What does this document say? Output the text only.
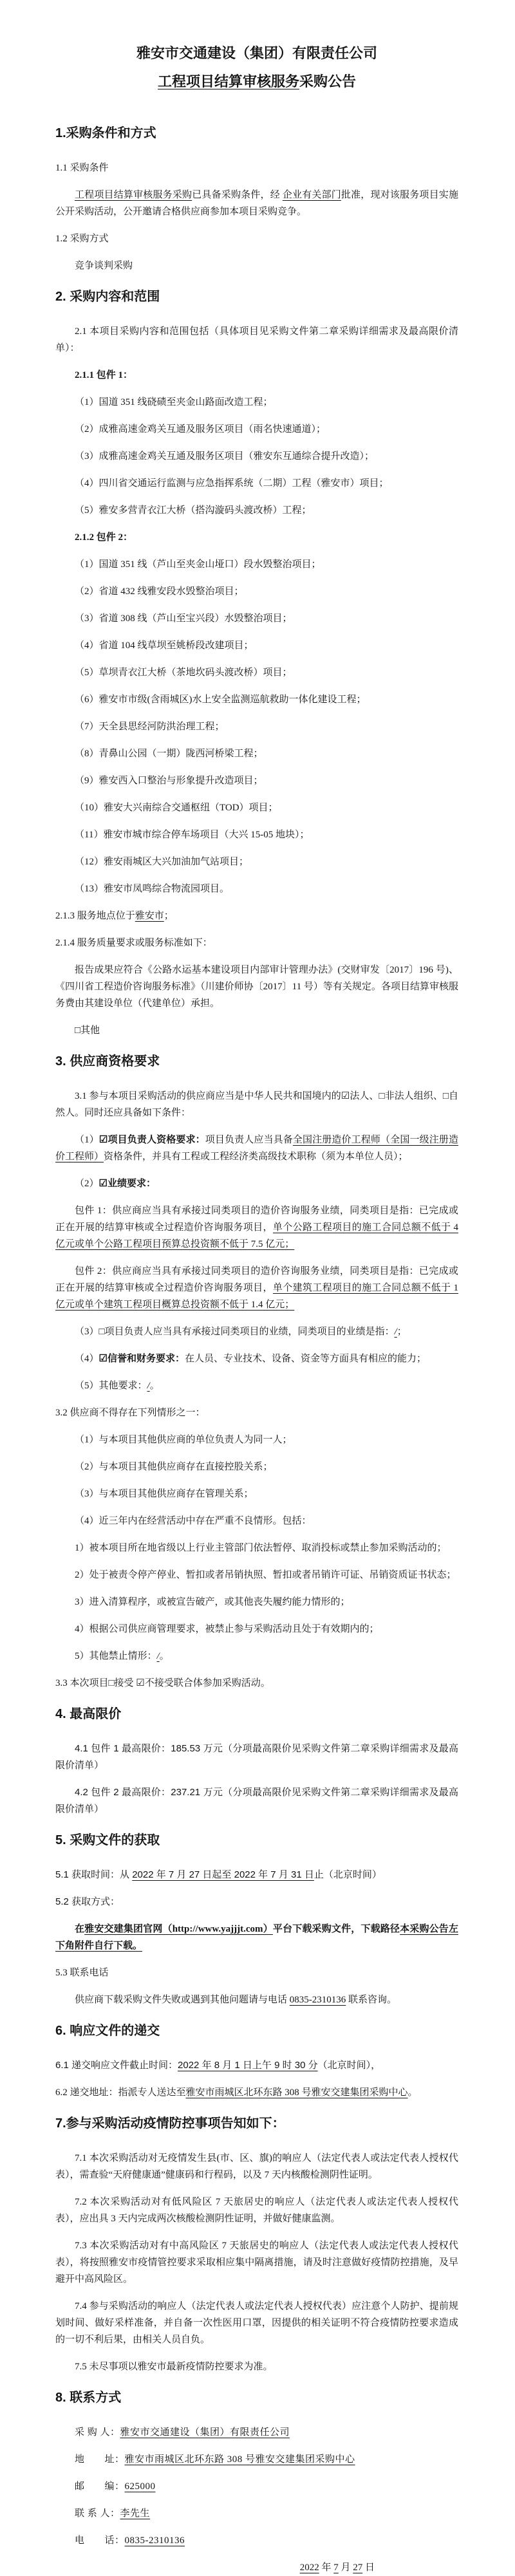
雅安市交通建设（集团）有限责任公司
工程项目结算审核服务采购公告
1.采购条件和方式
1.1 采购条件
工程项目结算审核服务采购已具备采购条件，经 企业有关部门批准，现对该服务项目实施公开采购活动，公开邀请合格供应商参加本项目采购竞争。
1.2 采购方式
竞争谈判采购
2. 采购内容和范围
2.1 本项目采购内容和范围包括（具体项目见采购文件第二章采购详细需求及最高限价清单）：
2.1.1 包件 1：
（1）国道 351 线硗碛至夹金山路面改造工程；
（2）成雅高速金鸡关互通及服务区项目（雨名快速通道）；
（3）成雅高速金鸡关互通及服务区项目（雅安东互通综合提升改造）；
（4）四川省交通运行监测与应急指挥系统（二期）工程（雅安市）项目；
（5）雅安多营青衣江大桥（搭沟漩码头渡改桥）工程；
2.1.2 包件 2：
（1）国道 351 线（芦山至夹金山垭口）段水毁整治项目；
（2）省道 432 线雅安段水毁整治项目；
（3）省道 308 线（芦山至宝兴段）水毁整治项目；
（4）省道 104 线草坝至姚桥段改建项目；
（5）草坝青衣江大桥（茶地坎码头渡改桥）项目；
（6）雅安市市级(含雨城区)水上安全监测巡航救助一体化建设工程；
（7）天全县思经河防洪治理工程；
（8）青鼻山公园（一期）陇西河桥梁工程；
（9）雅安西入口整治与形象提升改造项目；
（10）雅安大兴南综合交通枢纽（TOD）项目；
（11）雅安市城市综合停车场项目（大兴 15-05 地块）；
（12）雅安雨城区大兴加油加气站项目；
（13）雅安市凤鸣综合物流园项目。
2.1.3 服务地点位于雅安市；
2.1.4 服务质量要求或服务标准如下：
报告成果应符合《公路水运基本建设项目内部审计管理办法》(交财审发〔2017〕196 号)、《四川省工程造价咨询服务标准》（川建价师协〔2017〕11 号）等有关规定。各项目结算审核服务费由其建设单位（代建单位）承担。
□其他
3. 供应商资格要求
3.1 参与本项目采购活动的供应商应当是中华人民共和国境内的☑法人、□非法人组织、□自然人。同时还应具备如下条件：
（1）☑项目负责人资格要求：项目负责人应当具备全国注册造价工程师（全国一级注册造价工程师）资格条件，并具有工程或工程经济类高级技术职称（须为本单位人员）；
（2）☑业绩要求：
包件 1：供应商应当具有承接过同类项目的造价咨询服务业绩，同类项目是指：已完成或正在开展的结算审核或全过程造价咨询服务项目，单个公路工程项目的施工合同总额不低于 4 亿元或单个公路工程项目预算总投资额不低于 7.5 亿元；
包件 2：供应商应当具有承接过同类项目的造价咨询服务业绩，同类项目是指：已完成或正在开展的结算审核或全过程造价咨询服务项目，单个建筑工程项目的施工合同总额不低于 1 亿元或单个建筑工程项目概算总投资额不低于 1.4 亿元；
（3）□项目负责人应当具有承接过同类项目的业绩，同类项目的业绩是指：/；
（4）☑信誉和财务要求：在人员、专业技术、设备、资金等方面具有相应的能力；
（5）其他要求：/。
3.2 供应商不得存在下列情形之一：
（1）与本项目其他供应商的单位负责人为同一人；
（2）与本项目其他供应商存在直接控股关系；
（3）与本项目其他供应商存在管理关系；
（4）近三年内在经营活动中存在严重不良情形。包括：
1）被本项目所在地省级以上行业主管部门依法暂停、取消投标或禁止参加采购活动的；
2）处于被责令停产停业、暂扣或者吊销执照、暂扣或者吊销许可证、吊销资质证书状态；
3）进入清算程序，或被宣告破产，或其他丧失履约能力情形的；
4）根据公司供应商管理要求，被禁止参与采购活动且处于有效期内的；
5）其他禁止情形：/。
3.3 本次项目□接受 ☑不接受联合体参加采购活动。
4. 最高限价
4.1 包件 1 最高限价：185.53 万元（分项最高限价见采购文件第二章采购详细需求及最高限价清单）
4.2 包件 2 最高限价：237.21 万元（分项最高限价见采购文件第二章采购详细需求及最高限价清单）
5. 采购文件的获取
5.1 获取时间：从 2022 年 7 月 27 日起至 2022 年 7 月 31 日止（北京时间）
5.2 获取方式：
在雅安交建集团官网（http://www.yajjjt.com）平台下载采购文件，下载路径本采购公告左下角附件自行下载。
5.3 联系电话
供应商下载采购文件失败或遇到其他问题请与电话 0835-2310136 联系咨询。
6. 响应文件的递交
6.1 递交响应文件截止时间：2022 年 8 月 1 日上午 9 时 30 分（北京时间），
6.2 递交地址：指派专人送达至雅安市雨城区北环东路 308 号雅安交建集团采购中心。
7.参与采购活动疫情防控事项告知如下：
7.1 本次采购活动对无疫情发生县(市、区、旗)的响应人（法定代表人或法定代表人授权代表），需查验“天府健康通”健康码和行程码，以及 7 天内核酸检测阴性证明。
7.2 本次采购活动对有低风险区 7 天旅居史的响应人（法定代表人或法定代表人授权代表），应出具 3 天内完成两次核酸检测阴性证明，并做好健康监测。
7.3 本次采购活动对有中高风险区 7 天旅居史的响应人（法定代表人或法定代表人授权代表），将按照雅安市疫情管控要求采取相应集中隔离措施，请及时注意做好疫情防控措施，及早避开中高风险区。
7.4 参与采购活动的响应人（法定代表人或法定代表人授权代表）应注意个人防护、提前规划时间、做好采样准备，并自备一次性医用口罩，因提供的相关证明不符合疫情防控要求造成的一切不利后果，由相关人员自负。
7.5 未尽事项以雅安市最新疫情防控要求为准。
8. 联系方式
采 购 人：雅安市交通建设（集团）有限责任公司
地　　址：雅安市雨城区北环东路 308 号雅安交建集团采购中心
邮　　编：625000
联 系 人：李先生
电　　话：0835-2310136
2022 年 7 月 27 日
